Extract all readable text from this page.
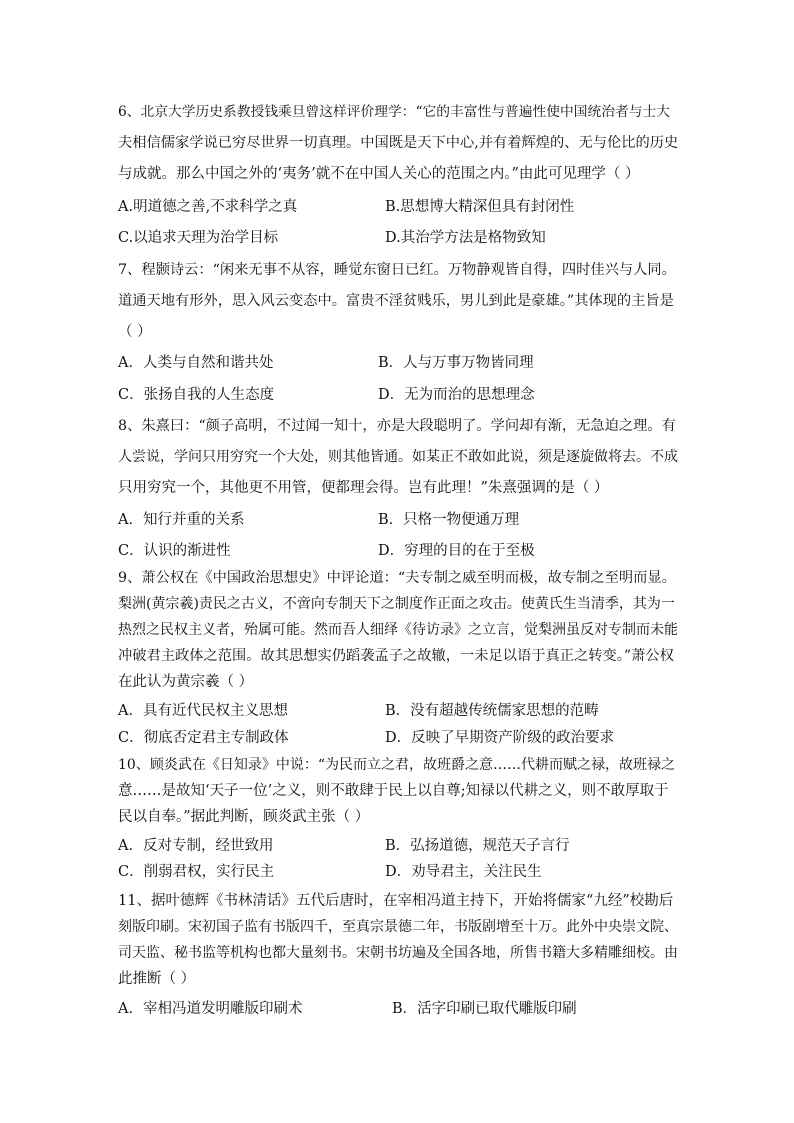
6、北京大学历史系教授钱乘旦曾这样评价理学：“它的丰富性与普遍性使中国统治者与士大
夫相信儒家学说已穷尽世界一切真理。中国既是天下中心,并有着辉煌的、无与伦比的历史
与成就。那么中国之外的‘夷务’就不在中国人关心的范围之内。”由此可见理学（ ）
A.明道德之善,不求科学之真	B.思想博大精深但具有封闭性
C.以追求天理为治学目标	D.其治学方法是格物致知
7、程颢诗云：“闲来无事不从容，睡觉东窗日已红。万物静观皆自得，四时佳兴与人同。
道通天地有形外，思入风云变态中。富贵不淫贫贱乐，男儿到此是豪雄。”其体现的主旨是
（ ）
A．人类与自然和谐共处	B．人与万事万物皆同理
C．张扬自我的人生态度	D．无为而治的思想理念
8、朱熹曰：“颜子高明，不过闻一知十，亦是大段聪明了。学问却有渐，无急迫之理。有
人尝说，学问只用穷究一个大处，则其他皆通。如某正不敢如此说，须是逐旋做将去。不成
只用穷究一个，其他更不用管，便都理会得。岂有此理！”朱熹强调的是（ ）
A．知行并重的关系	B．只格一物便通万理
C．认识的渐进性	D．穷理的目的在于至极
9、萧公权在《中国政治思想史》中评论道：“夫专制之威至明而极，故专制之至明而显。
梨洲(黄宗羲)责民之古义，不啻向专制天下之制度作正面之攻击。使黄氏生当清季，其为一
热烈之民权主义者，殆属可能。然而吾人细绎《待访录》之立言，觉梨洲虽反对专制而未能
冲破君主政体之范围。故其思想实仍蹈袭孟子之故辙，一未足以语于真正之转变。”萧公权
在此认为黄宗羲（ ）
A．具有近代民权主义思想	B．没有超越传统儒家思想的范畴
C．彻底否定君主专制政体	D．反映了早期资产阶级的政治要求
10、顾炎武在《日知录》中说：“为民而立之君，故班爵之意……代耕而赋之禄，故班禄之
意……是故知‘天子一位’之义，则不敢肆于民上以自尊;知禄以代耕之义，则不敢厚取于
民以自奉。”据此判断，顾炎武主张（ ）
A．反对专制，经世致用	B．弘扬道德，规范天子言行
C．削弱君权，实行民主	D．劝导君主，关注民生
11、据叶德辉《书林清话》五代后唐时，在宰相冯道主持下，开始将儒家“九经”校勘后
刻版印刷。宋初国子监有书版四千，至真宗景德二年，书版剧增至十万。此外中央崇文院、
司天监、秘书监等机构也都大量刻书。宋朝书坊遍及全国各地，所售书籍大多精雕细校。由
此推断（ ）
A．宰相冯道发明雕版印刷术	B．活字印刷已取代雕版印刷
